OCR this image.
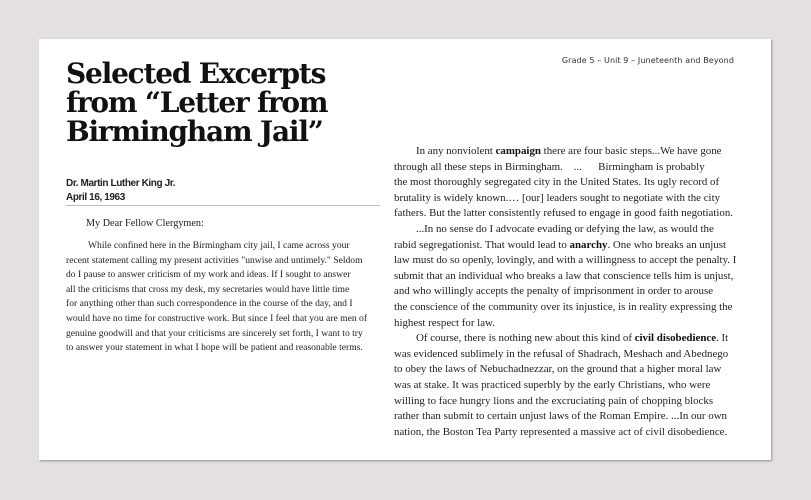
Grade 5 – Unit 9 – Juneteenth and Beyond
Selected Excerpts
from “Letter from
Birmingham Jail”
Dr. Martin Luther King Jr.
April 16, 1963
My Dear Fellow Clergymen:
While confined here in the Birmingham city jail, I came across your
recent statement calling my present activities "unwise and untimely." Seldom
do I pause to answer criticism of my work and ideas. If I sought to answer
all the criticisms that cross my desk, my secretaries would have little time
for anything other than such correspondence in the course of the day, and I
would have no time for constructive work. But since I feel that you are men of
genuine goodwill and that your criticisms are sincerely set forth, I want to try
to answer your statement in what I hope will be patient and reasonable terms.
In any nonviolent campaign there are four basic steps...We have gone
through all these steps in Birmingham.    ...      Birmingham is probably
the most thoroughly segregated city in the United States. Its ugly record of
brutality is widely known.… [our] leaders sought to negotiate with the city
fathers. But the latter consistently refused to engage in good faith negotiation.
...In no sense do I advocate evading or defying the law, as would the
rabid segregationist. That would lead to anarchy. One who breaks an unjust
law must do so openly, lovingly, and with a willingness to accept the penalty. I
submit that an individual who breaks a law that conscience tells him is unjust,
and who willingly accepts the penalty of imprisonment in order to arouse
the conscience of the community over its injustice, is in reality expressing the
highest respect for law.
Of course, there is nothing new about this kind of civil disobedience. It
was evidenced sublimely in the refusal of Shadrach, Meshach and Abednego
to obey the laws of Nebuchadnezzar, on the ground that a higher moral law
was at stake. It was practiced superbly by the early Christians, who were
willing to face hungry lions and the excruciating pain of chopping blocks
rather than submit to certain unjust laws of the Roman Empire. ...In our own
nation, the Boston Tea Party represented a massive act of civil disobedience.
